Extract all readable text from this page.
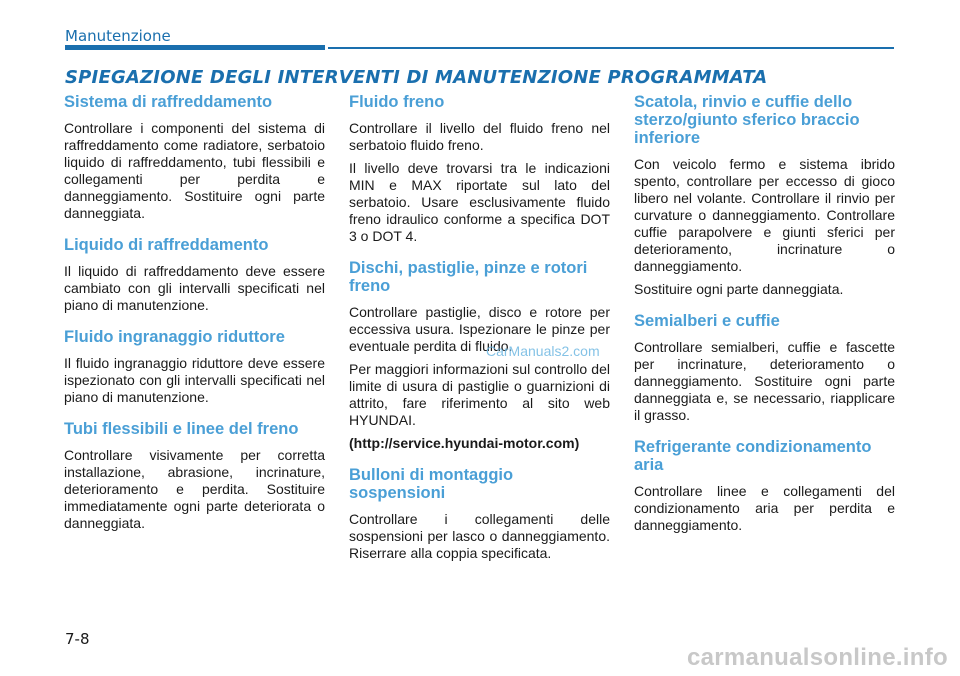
Manutenzione
SPIEGAZIONE DEGLI INTERVENTI DI MANUTENZIONE PROGRAMMATA
Sistema di raffreddamento

Controllare i componenti del sistema di raffreddamento come radiatore, serbatoio liquido di raffreddamento, tubi flessibili e collegamenti per perdita e danneggiamento. Sostituire ogni parte danneggiata.

Liquido di raffreddamento

Il liquido di raffreddamento deve essere cambiato con gli intervalli specificati nel piano di manutenzione.

Fluido ingranaggio riduttore

Il fluido ingranaggio riduttore deve essere ispezionato con gli intervalli specificati nel piano di manutenzione.

Tubi flessibili e linee del freno

Controllare visivamente per corretta installazione, abrasione, incrinature, deterioramento e perdita. Sostituire immediatamente ogni parte deteriorata o danneggiata.

Fluido freno

Controllare il livello del fluido freno nel serbatoio fluido freno.

Il livello deve trovarsi tra le indicazioni MIN e MAX riportate sul lato del serbatoio. Usare esclusivamente fluido freno idraulico conforme a specifica DOT 3 o DOT 4.

Dischi, pastiglie, pinze e rotori freno

Controllare pastiglie, disco e rotore per eccessiva usura. Ispezionare le pinze per eventuale perdita di fluido.

Per maggiori informazioni sul controllo del limite di usura di pastiglie o guarnizioni di attrito, fare riferimento al sito web HYUNDAI.

(http://service.hyundai-motor.com)

Bulloni di montaggio sospensioni

Controllare i collegamenti delle sospensioni per lasco o danneggiamento. Riserrare alla coppia specificata.

Scatola, rinvio e cuffie dello sterzo/giunto sferico braccio inferiore

Con veicolo fermo e sistema ibrido spento, controllare per eccesso di gioco libero nel volante. Controllare il rinvio per curvature o danneggiamento. Controllare cuffie parapolvere e giunti sferici per deterioramento, incrinature o danneggiamento.

Sostituire ogni parte danneggiata.

Semialberi e cuffie

Controllare semialberi, cuffie e fascette per incrinature, deterioramento o danneggiamento. Sostituire ogni parte danneggiata e, se necessario, riapplicare il grasso.

Refrigerante condizionamento aria

Controllare linee e collegamenti del condizionamento aria per perdita e danneggiamento.

CarManuals2.com
7-8
carmanualsonline.info
